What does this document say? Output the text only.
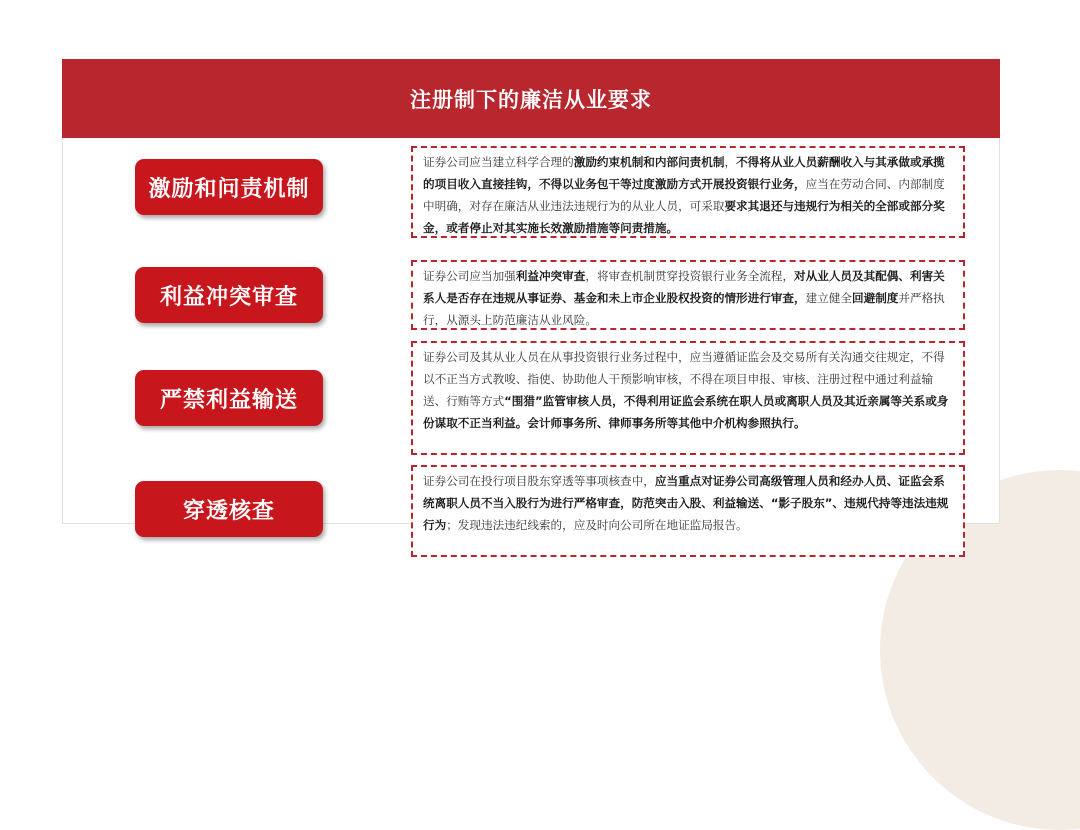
注册制下的廉洁从业要求
激励和问责机制
证券公司应当建立科学合理的激励约束机制和内部问责机制，不得将从业人员薪酬收入与其承做或承揽的项目收入直接挂钩，不得以业务包干等过度激励方式开展投资银行业务，应当在劳动合同、内部制度中明确，对存在廉洁从业违法违规行为的从业人员，可采取要求其退还与违规行为相关的全部或部分奖金，或者停止对其实施长效激励措施等问责措施。
利益冲突审查
证券公司应当加强利益冲突审查，将审查机制贯穿投资银行业务全流程，对从业人员及其配偶、利害关系人是否存在违规从事证券、基金和未上市企业股权投资的情形进行审查，建立健全回避制度并严格执行，从源头上防范廉洁从业风险。
严禁利益输送
证券公司及其从业人员在从事投资银行业务过程中，应当遵循证监会及交易所有关沟通交往规定，不得以不正当方式教唆、指使、协助他人干预影响审核，不得在项目申报、审核、注册过程中通过利益输送、行贿等方式“围猎”监管审核人员，不得利用证监会系统在职人员或离职人员及其近亲属等关系或身份谋取不正当利益。会计师事务所、律师事务所等其他中介机构参照执行。
穿透核查
证券公司在投行项目股东穿透等事项核查中，应当重点对证券公司高级管理人员和经办人员、证监会系统离职人员不当入股行为进行严格审查，防范突击入股、利益输送、“影子股东”、违规代持等违法违规行为；发现违法违纪线索的，应及时向公司所在地证监局报告。
